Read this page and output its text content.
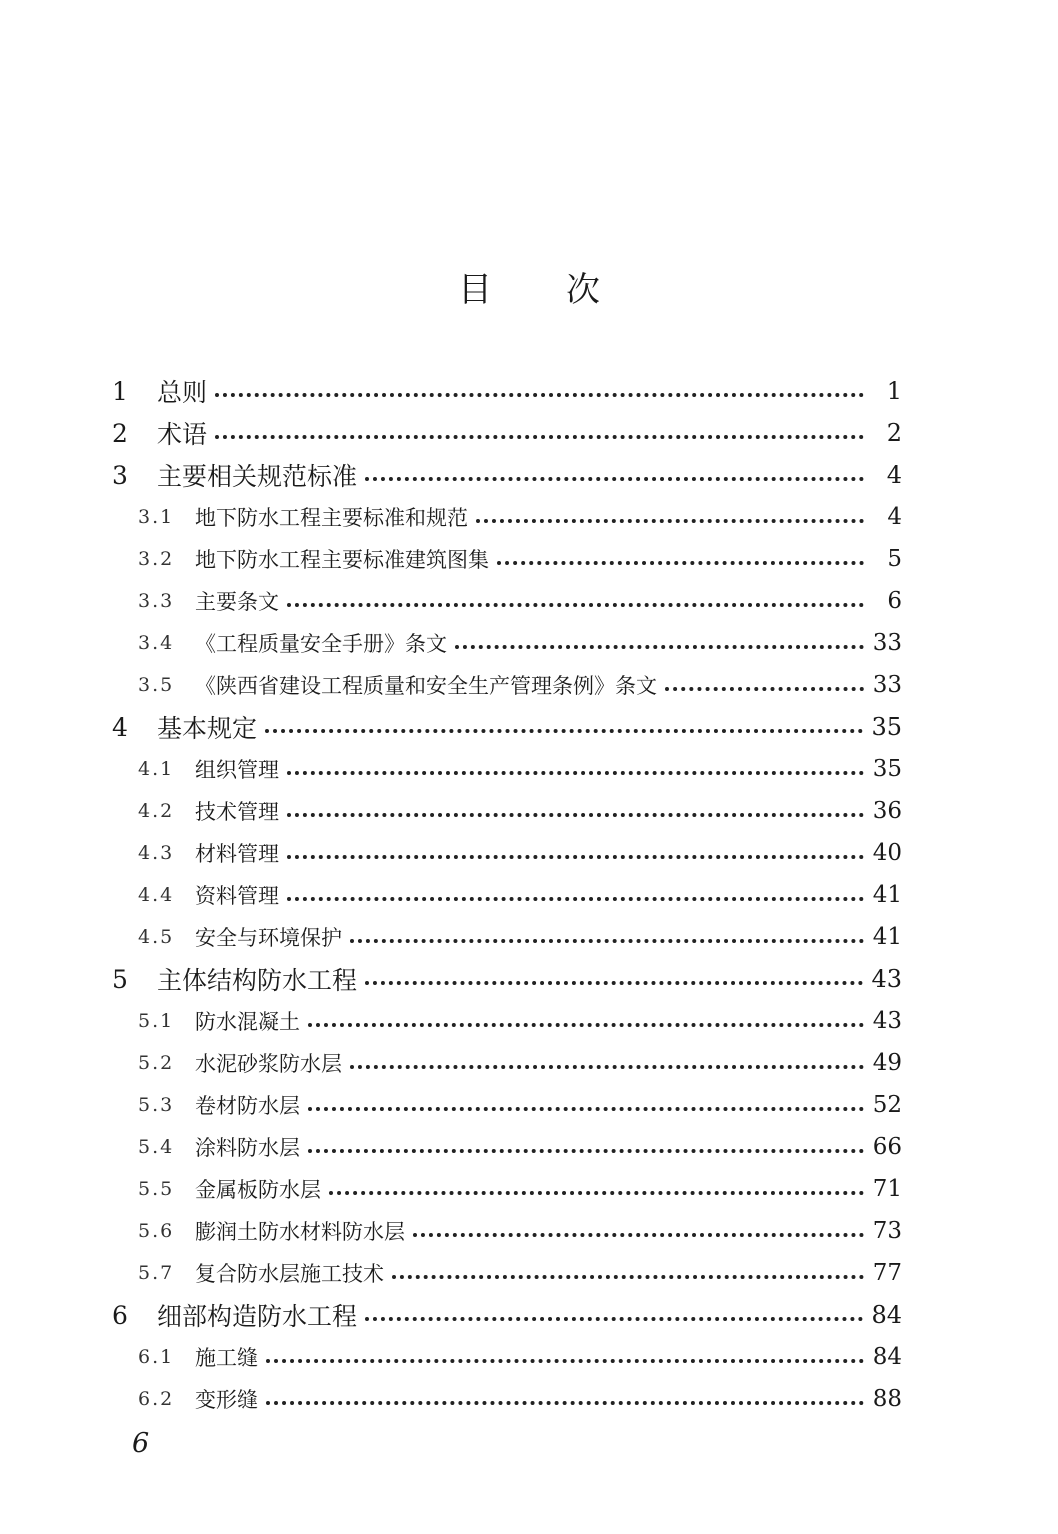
目次
1	总则	1
2	术语	2
3	主要相关规范标准	4
3.1 地下防水工程主要标准和规范	4
3.2 地下防水工程主要标准建筑图集	5
3.3 主要条文	6
3.4 《工程质量安全手册》条文	33
3.5 《陕西省建设工程质量和安全生产管理条例》条文	33
4	基本规定	35
4.1 组织管理	35
4.2 技术管理	36
4.3 材料管理	40
4.4 资料管理	41
4.5 安全与环境保护	41
5	主体结构防水工程	43
5.1 防水混凝土	43
5.2 水泥砂浆防水层	49
5.3 卷材防水层	52
5.4 涂料防水层	66
5.5 金属板防水层	71
5.6 膨润土防水材料防水层	73
5.7 复合防水层施工技术	77
6	细部构造防水工程	84
6.1 施工缝	84
6.2 变形缝	88
6
